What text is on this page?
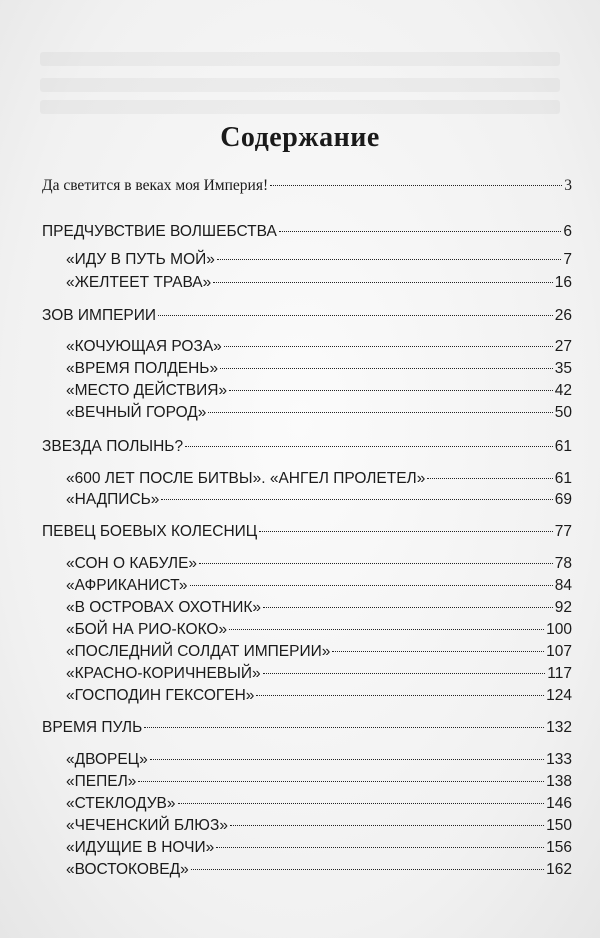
Содержание
Да светится в веках моя Империя!	3
ПРЕДЧУВСТВИЕ ВОЛШЕБСТВА	6
«ИДУ В ПУТЬ МОЙ»	7
«ЖЕЛТЕЕТ ТРАВА»	16
ЗОВ ИМПЕРИИ	26
«КОЧУЮЩАЯ РОЗА»	27
«ВРЕМЯ ПОЛДЕНЬ»	35
«МЕСТО ДЕЙСТВИЯ»	42
«ВЕЧНЫЙ ГОРОД»	50
ЗВЕЗДА ПОЛЫНЬ?	61
«600 ЛЕТ ПОСЛЕ БИТВЫ». «АНГЕЛ ПРОЛЕТЕЛ»	61
«НАДПИСЬ»	69
ПЕВЕЦ БОЕВЫХ КОЛЕСНИЦ	77
«СОН О КАБУЛЕ»	78
«АФРИКАНИСТ»	84
«В ОСТРОВАХ ОХОТНИК»	92
«БОЙ НА РИО-КОКО»	100
«ПОСЛЕДНИЙ СОЛДАТ ИМПЕРИИ»	107
«КРАСНО-КОРИЧНЕВЫЙ»	117
«ГОСПОДИН ГЕКСОГЕН»	124
ВРЕМЯ ПУЛЬ	132
«ДВОРЕЦ»	133
«ПЕПЕЛ»	138
«СТЕКЛОДУВ»	146
«ЧЕЧЕНСКИЙ БЛЮЗ»	150
«ИДУЩИЕ В НОЧИ»	156
«ВОСТОКОВЕД»	162
